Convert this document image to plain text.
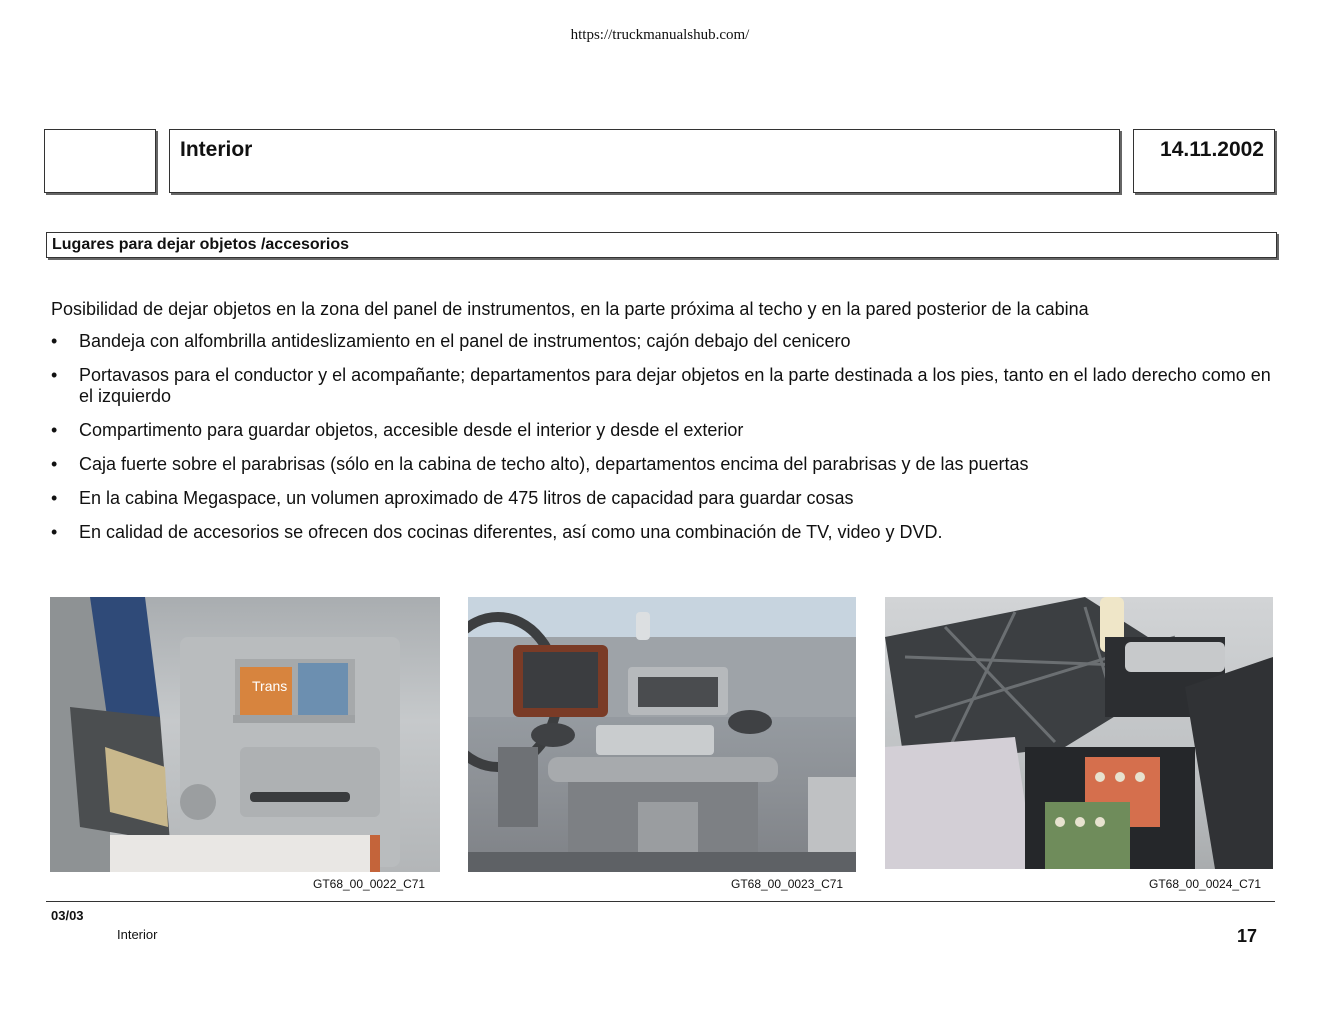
https://truckmanualshub.com/
Interior	14.11.2002
Lugares para dejar objetos /accesorios
Posibilidad de dejar objetos en la zona del panel de instrumentos, en la parte próxima al techo y en la pared posterior de la cabina
• Bandeja con alfombrilla antideslizamiento en el panel de instrumentos; cajón debajo del cenicero
• Portavasos para el conductor y el acompañante; departamentos para dejar objetos en la parte destinada a los pies, tanto en el lado derecho como en el izquierdo
• Compartimento para guardar objetos, accesible desde el interior y desde el exterior
• Caja fuerte sobre el parabrisas (sólo en la cabina de techo alto), departamentos encima del parabrisas y de las puertas
• En la cabina Megaspace, un volumen aproximado de 475 litros de capacidad para guardar cosas
• En calidad de accesorios se ofrecen dos cocinas diferentes, así como una combinación de TV, video y DVD.
Trans
GT68_00_0022_C71	GT68_00_0023_C71	GT68_00_0024_C71
03/03
Interior	17
